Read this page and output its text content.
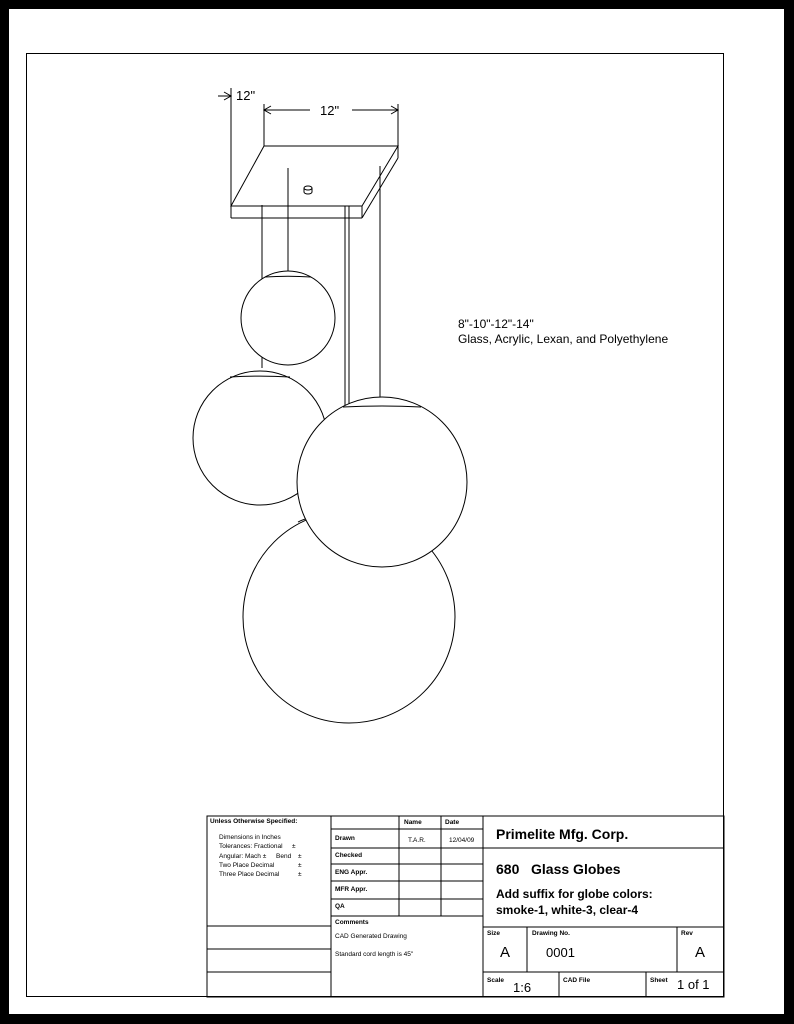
12"
12"
8"-10"-12"-14"
Glass, Acrylic, Lexan, and Polyethylene
Unless Otherwise Specified:
Dimensions in Inches
Tolerances: Fractional ±
Angular: Mach ± Bend ±
Two Place Decimal	±
Three Place Decimal	±
Name	Date
Drawn	T.A.R.	12/04/09
Checked
ENG Appr.
MFR Appr.
QA
Comments
CAD Generated Drawing
Standard cord length is 45"
Primelite Mfg. Corp.
680   Glass Globes
Add suffix for globe colors:
smoke-1, white-3, clear-4
Size
A
Drawing No.
0001
Rev
A
Scale 1:6	CAD File	Sheet 1 of 1
